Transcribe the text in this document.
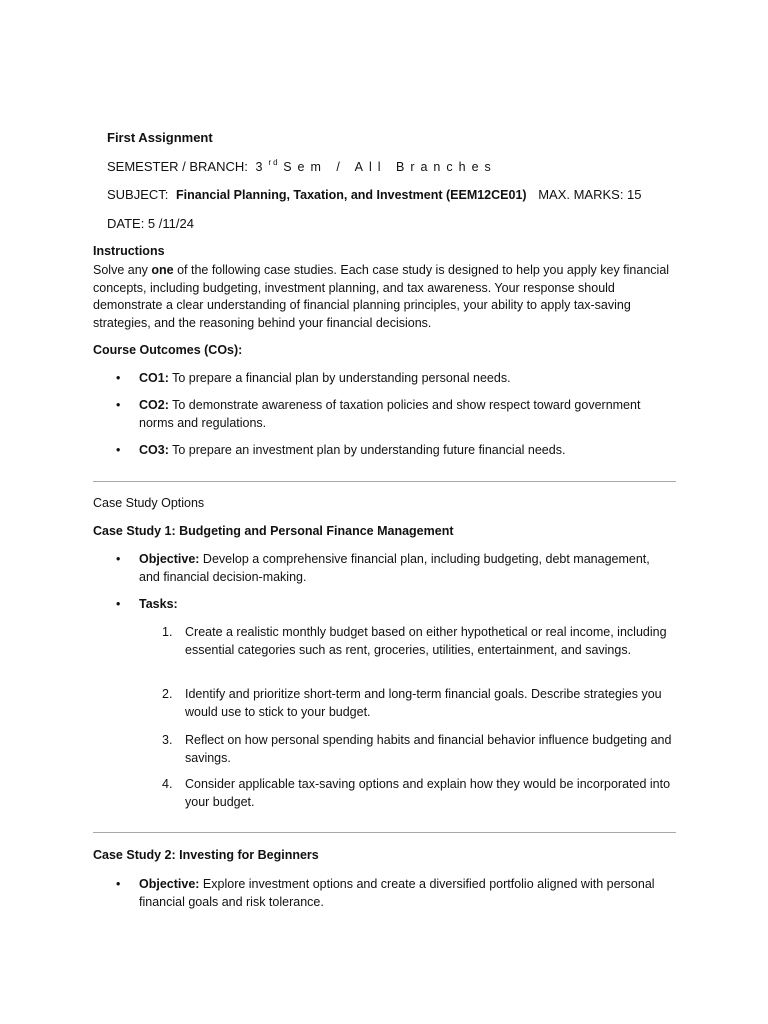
First Assignment
SEMESTER / BRANCH: 3rd Sem / All Branches
SUBJECT: Financial Planning, Taxation, and Investment (EEM12CE01) MAX. MARKS: 15
DATE: 5 /11/24
Instructions
Solve any one of the following case studies. Each case study is designed to help you apply key financial concepts, including budgeting, investment planning, and tax awareness. Your response should demonstrate a clear understanding of financial planning principles, your ability to apply tax-saving strategies, and the reasoning behind your financial decisions.
Course Outcomes (COs):
• CO1: To prepare a financial plan by understanding personal needs.
• CO2: To demonstrate awareness of taxation policies and show respect toward government norms and regulations.
• CO3: To prepare an investment plan by understanding future financial needs.
Case Study Options
Case Study 1: Budgeting and Personal Finance Management
• Objective: Develop a comprehensive financial plan, including budgeting, debt management, and financial decision-making.
• Tasks:
1. Create a realistic monthly budget based on either hypothetical or real income, including essential categories such as rent, groceries, utilities, entertainment, and savings.
2. Identify and prioritize short-term and long-term financial goals. Describe strategies you would use to stick to your budget.
3. Reflect on how personal spending habits and financial behavior influence budgeting and savings.
4. Consider applicable tax-saving options and explain how they would be incorporated into your budget.
Case Study 2: Investing for Beginners
• Objective: Explore investment options and create a diversified portfolio aligned with personal financial goals and risk tolerance.
